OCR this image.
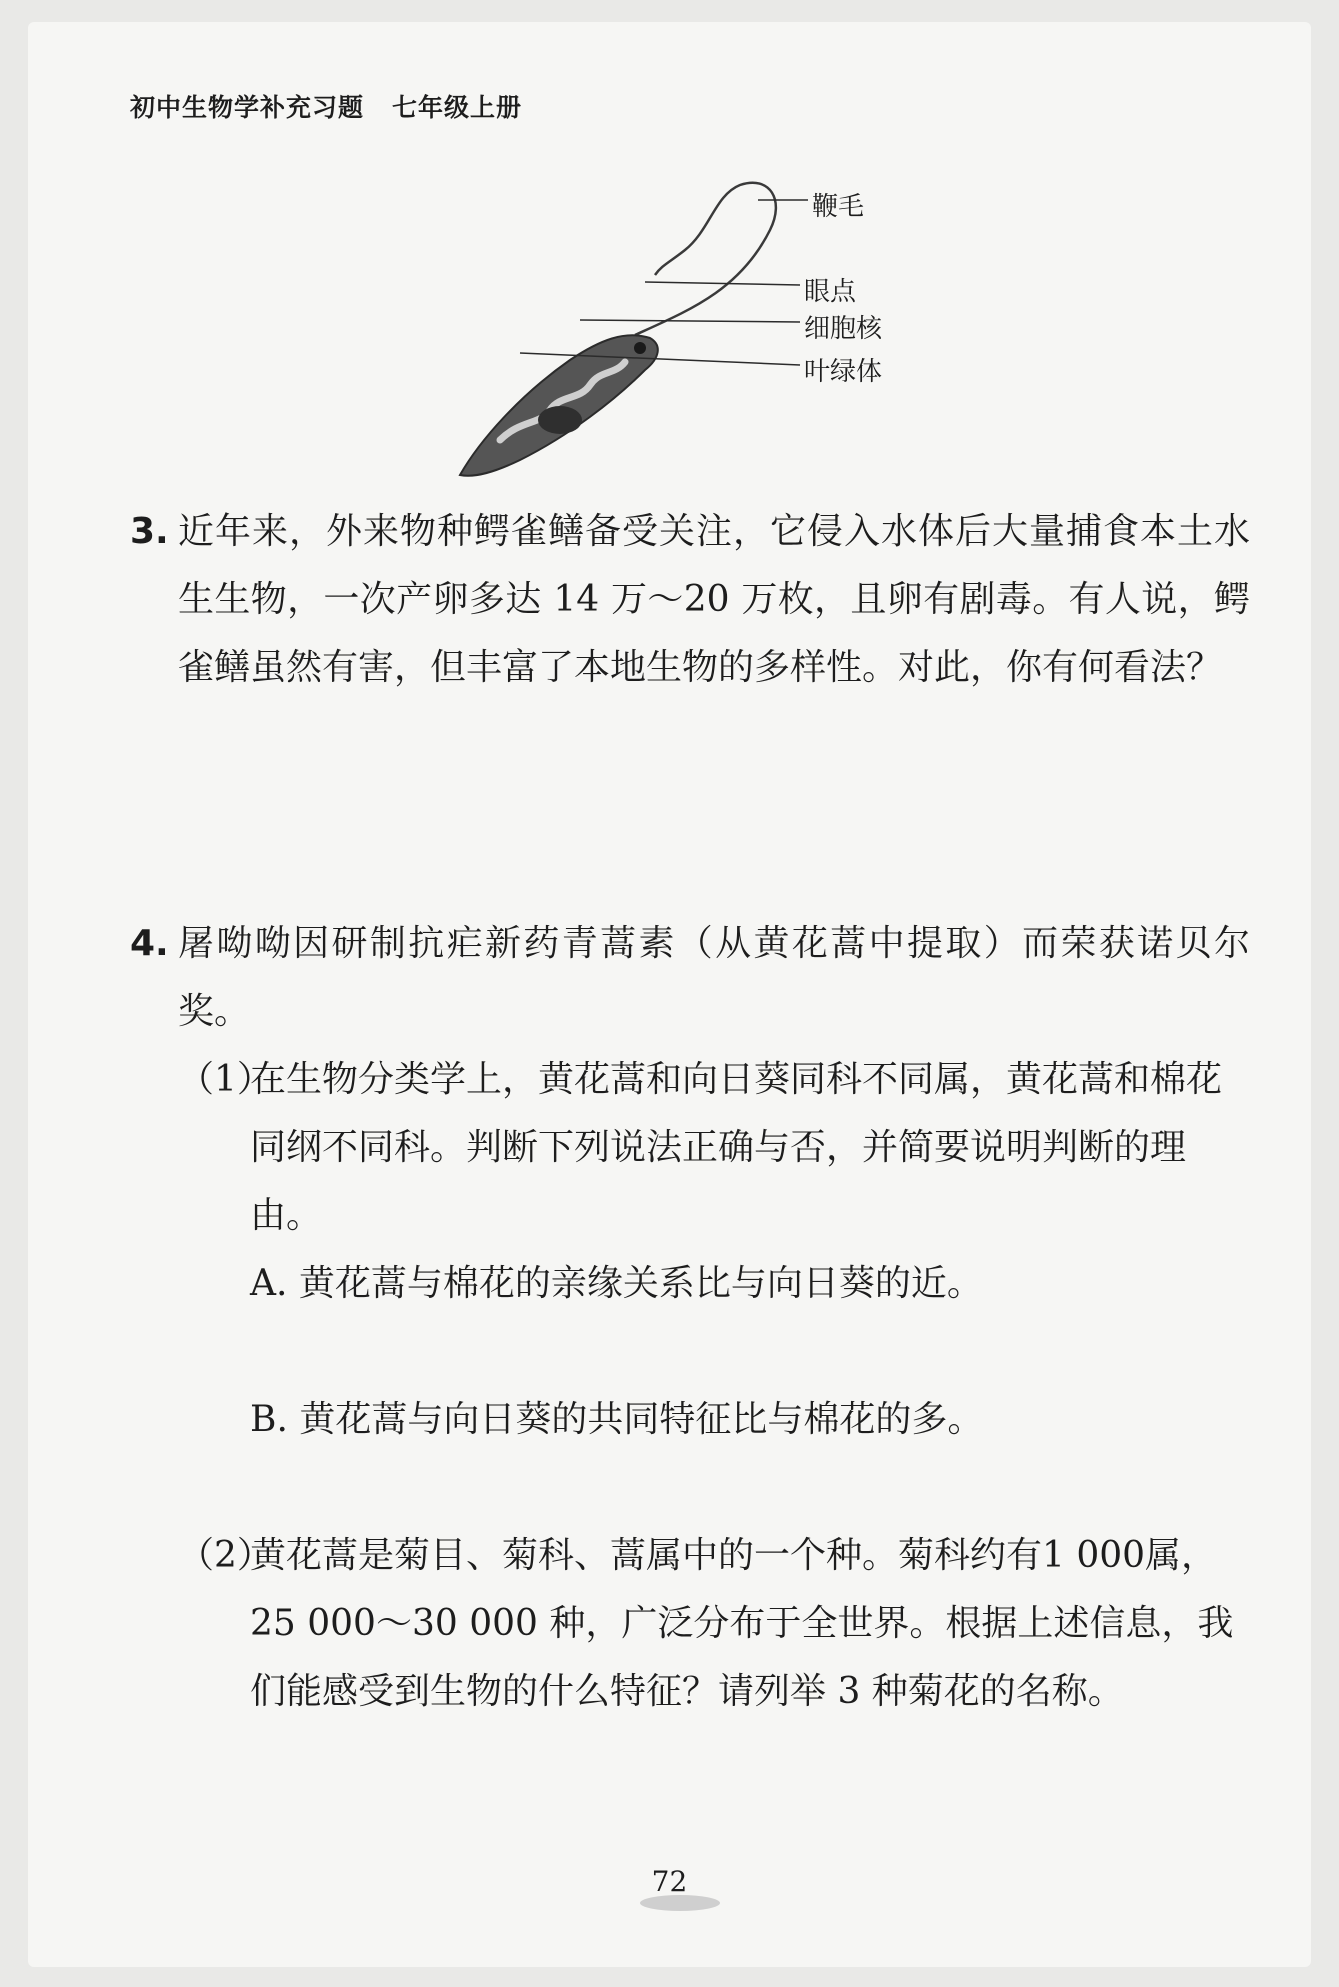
初中生物学补充习题 七年级上册
鞭毛
眼点
细胞核
叶绿体
3. 近年来，外来物种鳄雀鳝备受关注，它侵入水体后大量捕食本土水生生物，一次产卵多达 14 万～20 万枚，且卵有剧毒。有人说，鳄雀鳝虽然有害，但丰富了本地生物的多样性。对此，你有何看法？
4. 屠呦呦因研制抗疟新药青蒿素（从黄花蒿中提取）而荣获诺贝尔奖。
（1）
在生物分类学上，黄花蒿和向日葵同科不同属，黄花蒿和棉花同纲不同科。判断下列说法正确与否，并简要说明判断的理由。
A. 黄花蒿与棉花的亲缘关系比与向日葵的近。
B. 黄花蒿与向日葵的共同特征比与棉花的多。
（2）
黄花蒿是菊目、菊科、蒿属中的一个种。菊科约有1 000属，25 000～30 000 种，广泛分布于全世界。根据上述信息，我们能感受到生物的什么特征？请列举 3 种菊花的名称。
72
